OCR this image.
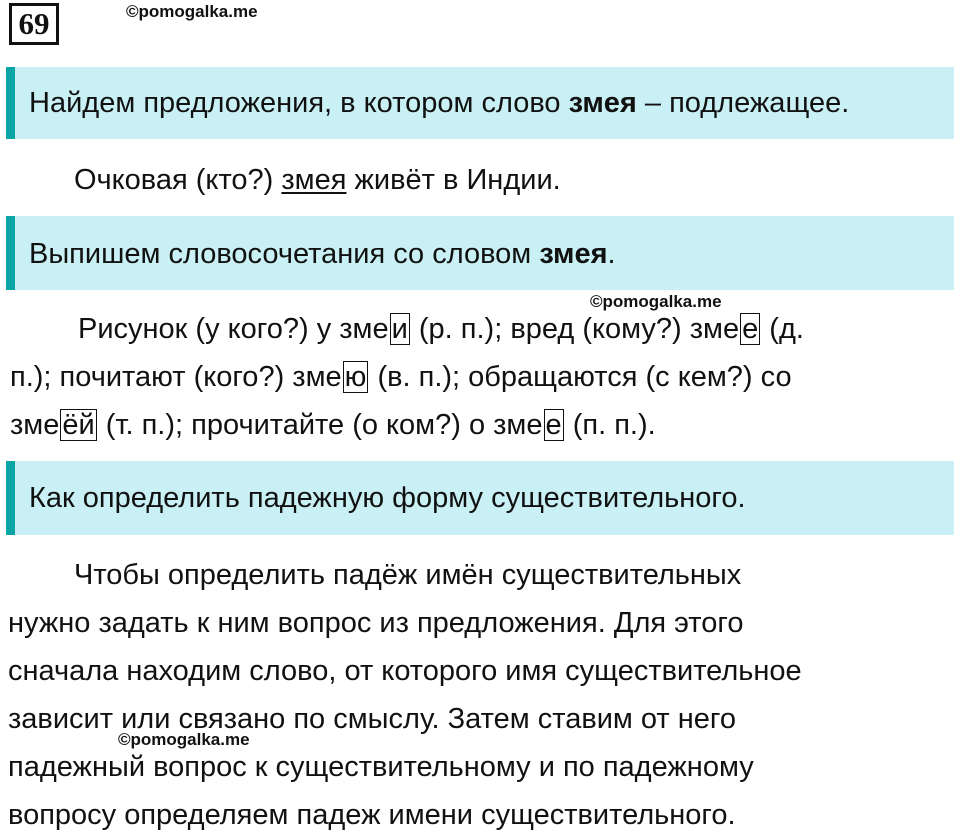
69	©pomogalka.me
Найдем предложения, в котором слово змея – подлежащее.
Очковая (кто?) змея живёт в Индии.
Выпишем словосочетания со словом змея.
©pomogalka.me
Рисунок (у кого?) у зме и (р. п.); вред (кому?) зме е (д.
п.); почитают (кого?) зме ю (в. п.); обращаются (с кем?) со
зме ёй (т. п.); прочитайте (о ком?) о зме е (п. п.).
Как определить падежную форму существительного.
Чтобы определить падёж имён существительных
нужно задать к ним вопрос из предложения. Для этого
сначала находим слово, от которого имя существительное
зависит или связано по смыслу. Затем ставим от него
падежный вопрос к существительному и по падежному
вопросу определяем падеж имени существительного.
©pomogalka.me
